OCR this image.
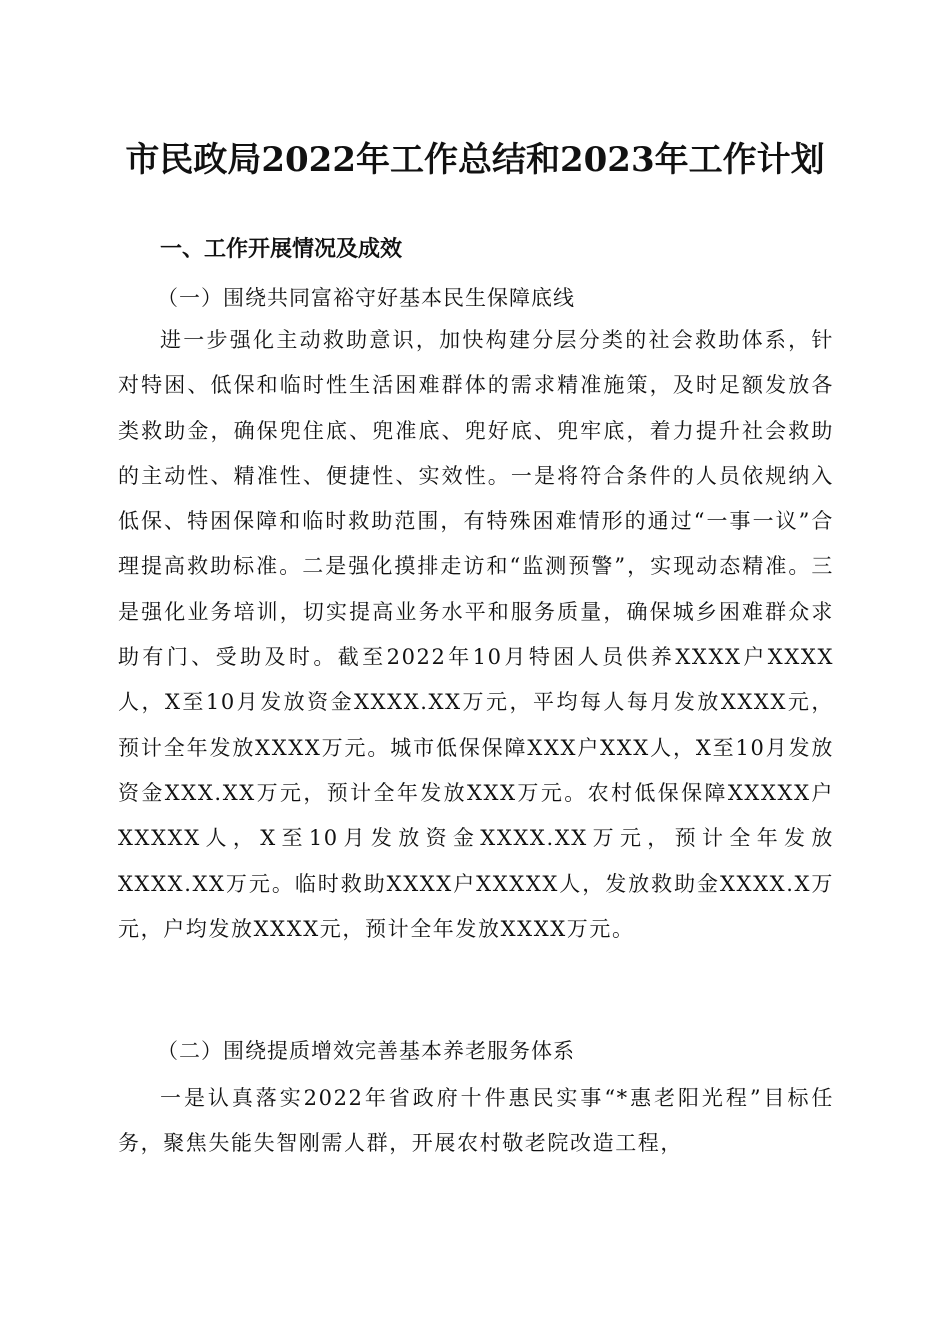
市民政局2022年工作总结和2023年工作计划
一、工作开展情况及成效
（一）围绕共同富裕守好基本民生保障底线

进一步强化主动救助意识，加快构建分层分类的社会救助体系，针对特困、低保和临时性生活困难群体的需求精准施策，及时足额发放各类救助金，确保兜住底、兜准底、兜好底、兜牢底，着力提升社会救助的主动性、精准性、便捷性、实效性。一是将符合条件的人员依规纳入低保、特困保障和临时救助范围，有特殊困难情形的通过“一事一议”合理提高救助标准。二是强化摸排走访和“监测预警”，实现动态精准。三是强化业务培训，切实提高业务水平和服务质量，确保城乡困难群众求助有门、受助及时。截至2022年10月特困人员供养XXXX户XXXX人，X至10月发放资金XXXX.XX万元，平均每人每月发放XXXX元，预计全年发放XXXX万元。城市低保保障XXX户XXX人，X至10月发放资金XXX.XX万元，预计全年发放XXX万元。农村低保保障XXXXX户XXXXX人，X至10月发放资金XXXX.XX万元，预计全年发放XXXX.XX万元。临时救助XXXX户XXXXX人，发放救助金XXXX.X万元，户均发放XXXX元，预计全年发放XXXX万元。

（二）围绕提质增效完善基本养老服务体系

一是认真落实2022年省政府十件惠民实事“*惠老阳光程”目标任务，聚焦失能失智刚需人群，开展农村敬老院改造工程，
